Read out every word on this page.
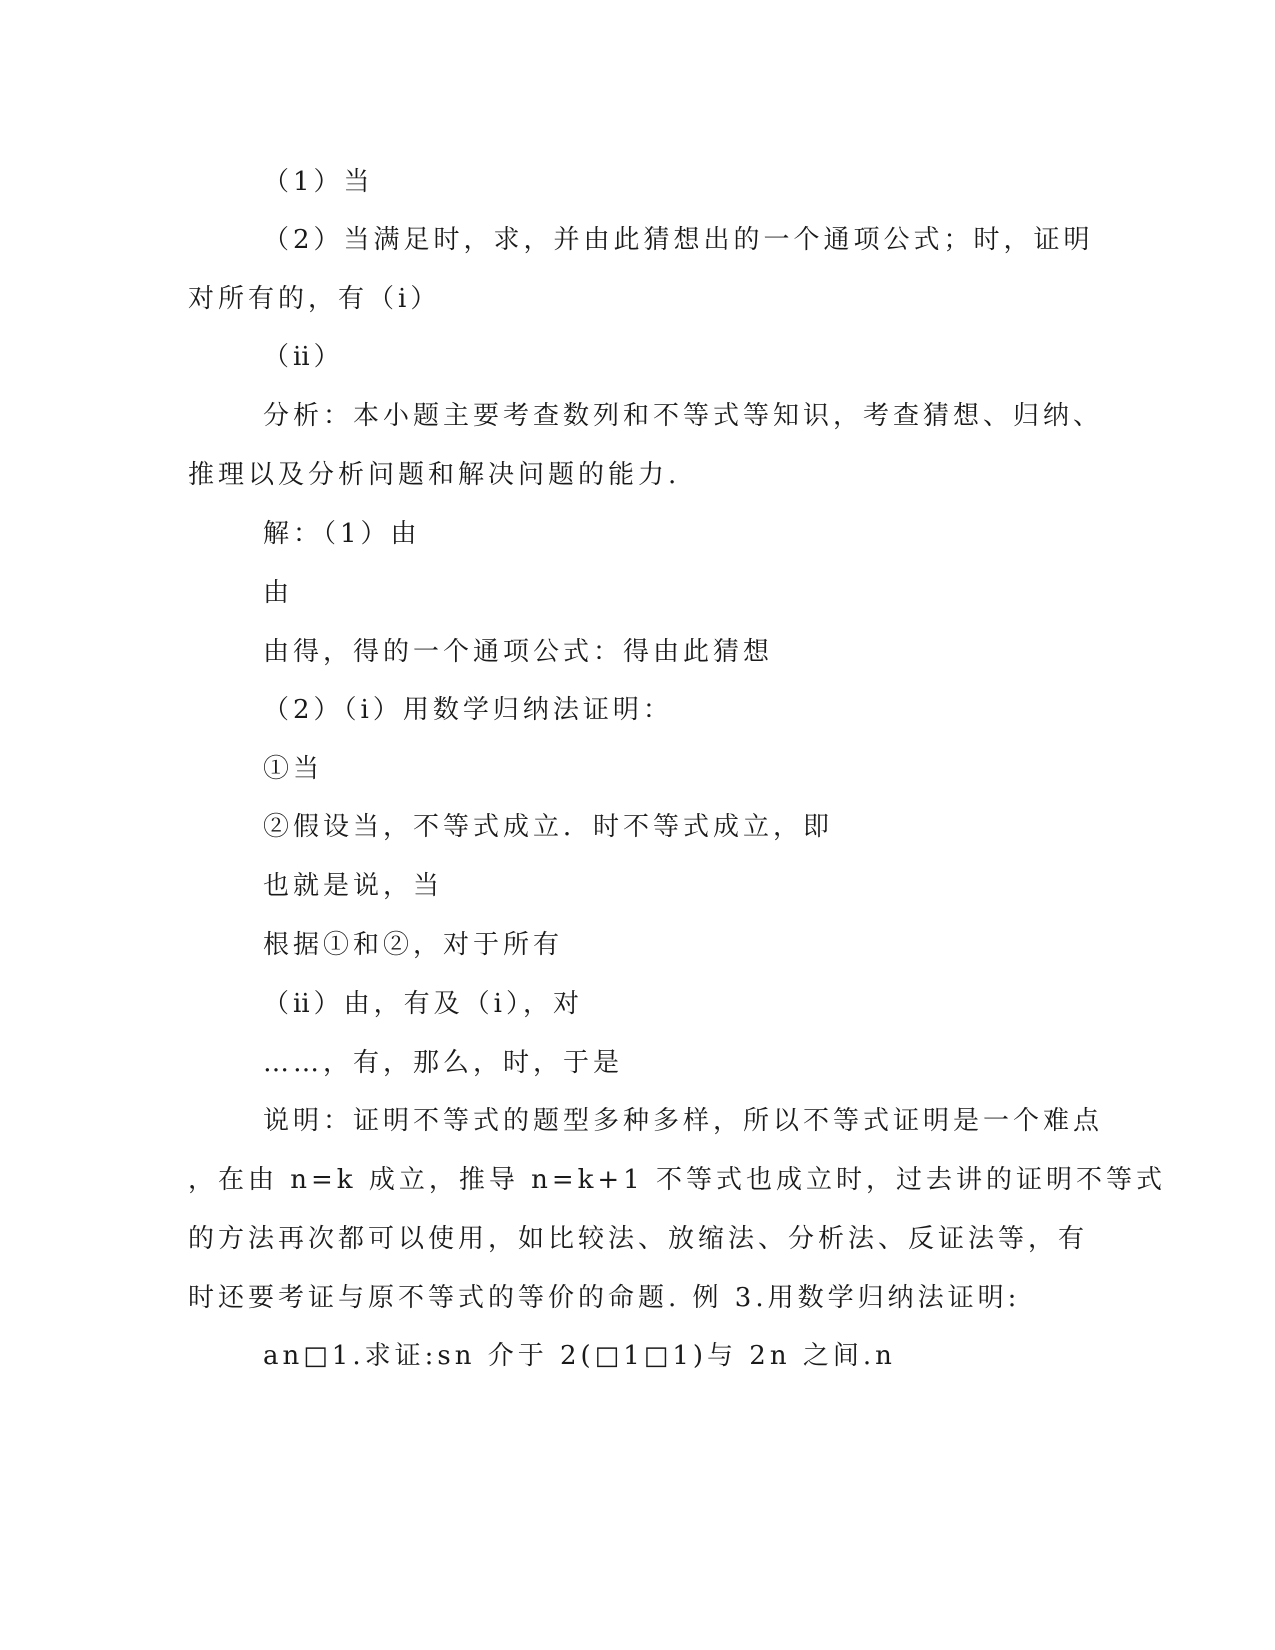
（1）当
（2）当满足时，求，并由此猜想出的一个通项公式；时，证明
对所有的，有（ⅰ）
（ⅱ）
分析：本小题主要考查数列和不等式等知识，考查猜想、归纳、
推理以及分析问题和解决问题的能力.
解：（1）由
由
由得，得的一个通项公式：得由此猜想
（2）（ⅰ）用数学归纳法证明：
①当
②假设当，不等式成立．时不等式成立，即
也就是说，当
根据①和②，对于所有
（ⅱ）由，有及（ⅰ），对
……，有，那么，时，于是
说明：证明不等式的题型多种多样，所以不等式证明是一个难点
，在由 n=k 成立，推导 n=k+1 不等式也成立时，过去讲的证明不等式
的方法再次都可以使用，如比较法、放缩法、分析法、反证法等，有
时还要考证与原不等式的等价的命题. 例 3.用数学归纳法证明:
an□1.求证:sn 介于 2(□1□1)与 2n 之间.n
